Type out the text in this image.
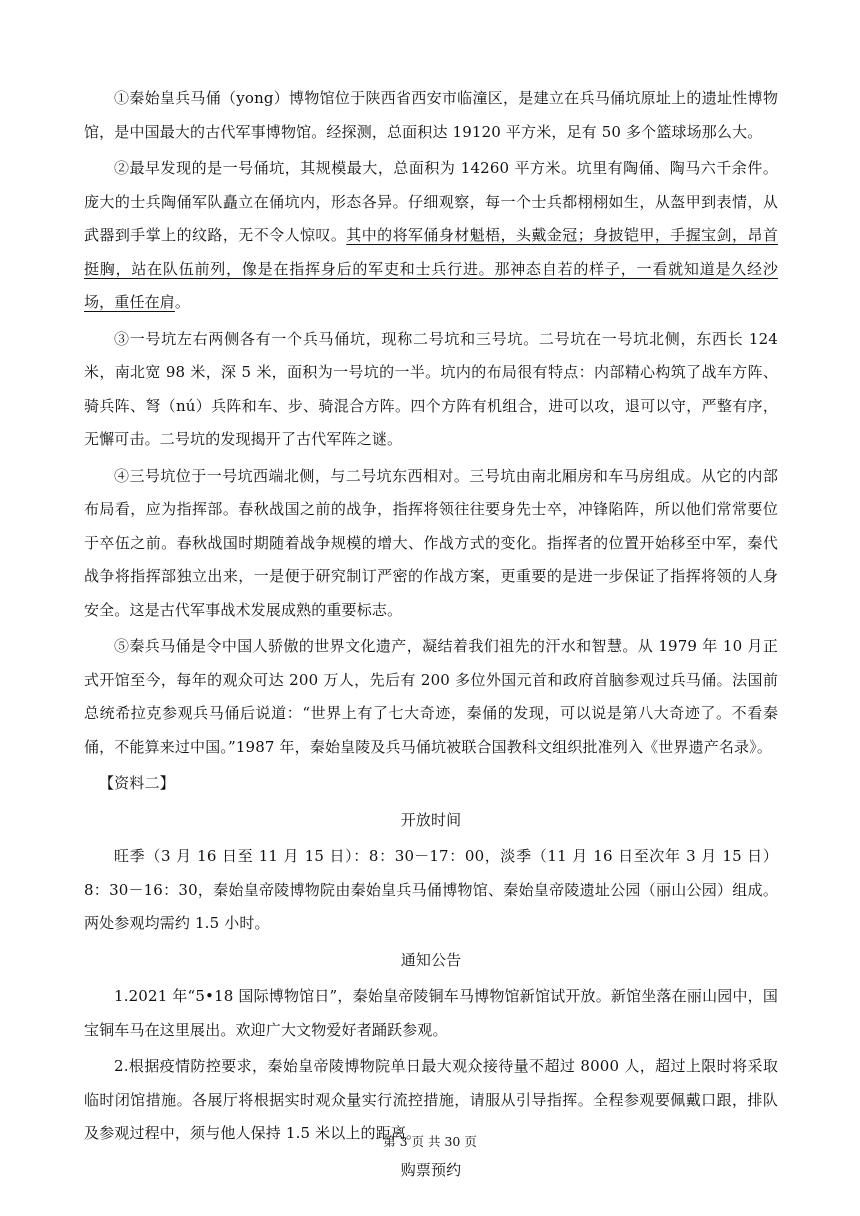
①秦始皇兵马俑（yong）博物馆位于陕西省西安市临潼区，是建立在兵马俑坑原址上的遗址性博物馆，是中国最大的古代军事博物馆。经探测，总面积达 19120 平方米，足有 50 多个篮球场那么大。

②最早发现的是一号俑坑，其规模最大，总面积为 14260 平方米。坑里有陶俑、陶马六千余件。庞大的士兵陶俑军队矗立在俑坑内，形态各异。仔细观察，每一个士兵都栩栩如生，从盔甲到表情，从武器到手掌上的纹路，无不令人惊叹。其中的将军俑身材魁梧，头戴金冠；身披铠甲，手握宝剑，昂首挺胸，站在队伍前列，像是在指挥身后的军吏和士兵行进。那神态自若的样子，一看就知道是久经沙场，重任在肩。

③一号坑左右两侧各有一个兵马俑坑，现称二号坑和三号坑。二号坑在一号坑北侧，东西长 124 米，南北宽 98 米，深 5 米，面积为一号坑的一半。坑内的布局很有特点：内部精心构筑了战车方阵、骑兵阵、弩（nú）兵阵和车、步、骑混合方阵。四个方阵有机组合，进可以攻，退可以守，严整有序，无懈可击。二号坑的发现揭开了古代军阵之谜。

④三号坑位于一号坑西端北侧，与二号坑东西相对。三号坑由南北厢房和车马房组成。从它的内部布局看，应为指挥部。春秋战国之前的战争，指挥将领往往要身先士卒，冲锋陷阵，所以他们常常要位于卒伍之前。春秋战国时期随着战争规模的增大、作战方式的变化。指挥者的位置开始移至中军，秦代战争将指挥部独立出来，一是便于研究制订严密的作战方案，更重要的是进一步保证了指挥将领的人身安全。这是古代军事战术发展成熟的重要标志。

⑤秦兵马俑是令中国人骄傲的世界文化遗产，凝结着我们祖先的汗水和智慧。从 1979 年 10 月正式开馆至今，每年的观众可达 200 万人，先后有 200 多位外国元首和政府首脑参观过兵马俑。法国前总统希拉克参观兵马俑后说道：“世界上有了七大奇迹，秦俑的发现，可以说是第八大奇迹了。不看秦俑，不能算来过中国。”1987 年，秦始皇陵及兵马俑坑被联合国教科文组织批准列入《世界遗产名录》。

【资料二】

开放时间

旺季（3 月 16 日至 11 月 15 日）：8：30－17：00，淡季（11 月 16 日至次年 3 月 15 日）8：30－16：30，秦始皇帝陵博物院由秦始皇兵马俑博物馆、秦始皇帝陵遗址公园（丽山公园）组成。两处参观均需约 1.5 小时。

通知公告

1.2021 年“5•18 国际博物馆日”，秦始皇帝陵铜车马博物馆新馆试开放。新馆坐落在丽山园中，国宝铜车马在这里展出。欢迎广大文物爱好者踊跃参观。

2.根据疫情防控要求，秦始皇帝陵博物院单日最大观众接待量不超过 8000 人，超过上限时将采取临时闭馆措施。各展厅将根据实时观众量实行流控措施，请服从引导指挥。全程参观要佩戴口跟，排队及参观过程中，须与他人保持 1.5 米以上的距离。

购票预约

第 3 页 共 30 页
